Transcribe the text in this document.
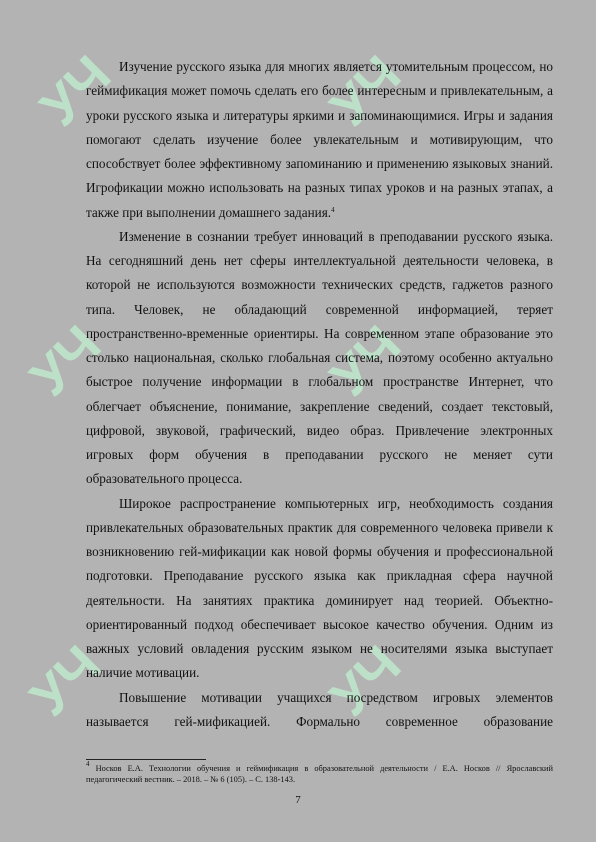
УЧ	УЧ
УЧ	УЧ
УЧ	УЧ

Изучение русского языка для многих является утомительным процессом, но геймификация может помочь сделать его более интересным и привлекательным, а уроки русского языка и литературы яркими и запоминающимися. Игры и задания помогают сделать изучение более увлекательным и мотивирующим, что способствует более эффективному запоминанию и применению языковых знаний. Игрофикации можно использовать на разных типах уроков и на разных этапах, а также при выполнении домашнего задания.$^4$

Изменение в сознании требует инноваций в преподавании русского языка. На сегодняшний день нет сферы интеллектуальной деятельности человека, в которой не используются возможности технических средств, гаджетов разного типа. Человек, не обладающий современной информацией, теряет пространственно-временные ориентиры. На современном этапе образование это столько национальная, сколько глобальная система, поэтому особенно актуально быстрое получение информации в глобальном пространстве Интернет, что облегчает объяснение, понимание, закрепление сведений, создает текстовый, цифровой, звуковой, графический, видео образ. Привлечение электронных игровых форм обучения в преподавании русского не меняет сути образовательного процесса.

Широкое распространение компьютерных игр, необходимость создания привлекательных образовательных практик для современного человека привели к возникновению гей-мификации как новой формы обучения и профессиональной подготовки. Преподавание русского языка как прикладная сфера научной деятельности. На занятиях практика доминирует над теорией. Объектно-ориентированный подход обеспечивает высокое качество обучения. Одним из важных условий овладения русским языком не носителями языка выступает наличие мотивации.

Повышение мотивации учащихся посредством игровых элементов называется гей-мификацией. Формально современное образование

$^4$ Носков Е.А. Технологии обучения и геймификация в образовательной деятельности / Е.А. Носков // Ярославский педагогический вестник. – 2018. – № 6 (105). – С. 138-143.
7
